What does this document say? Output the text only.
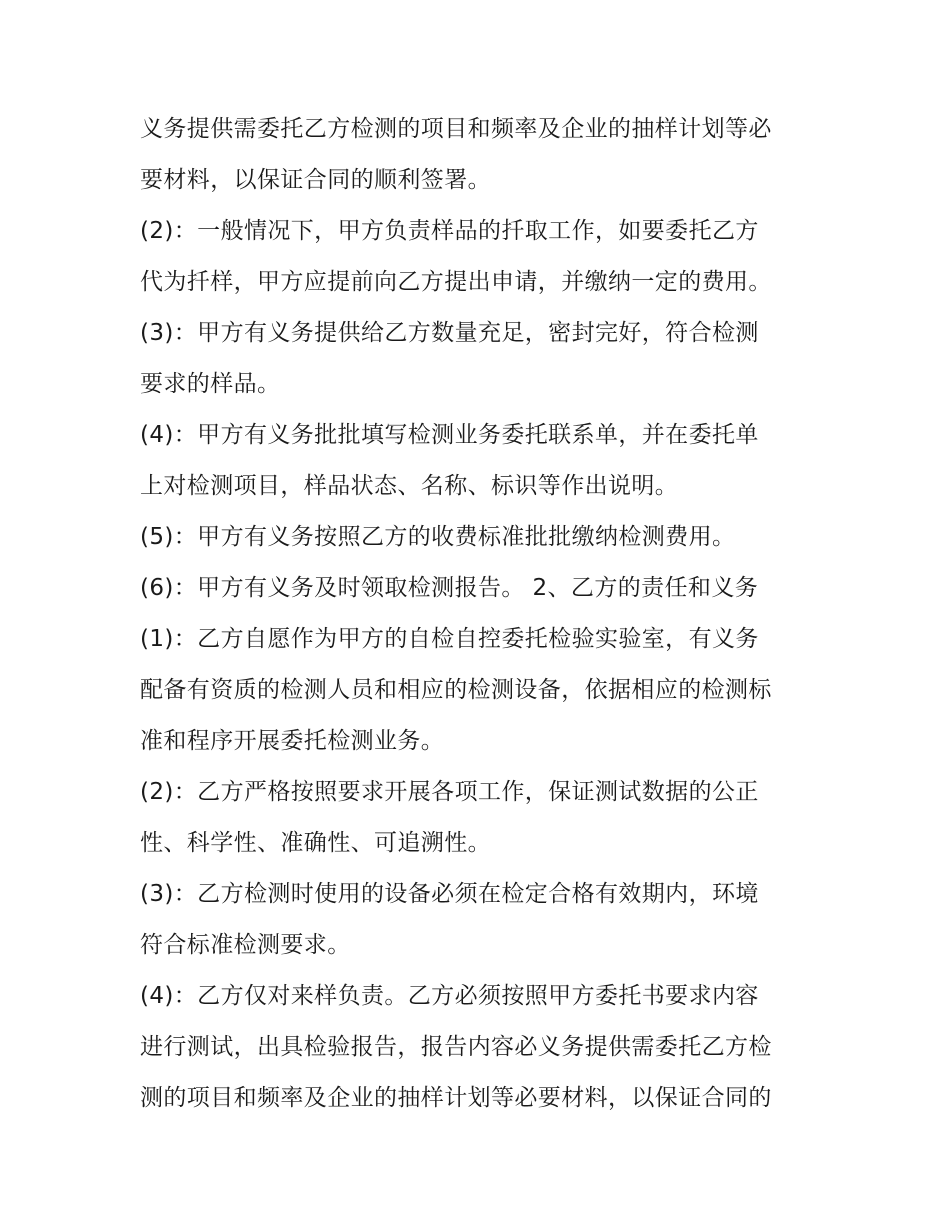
义务提供需委托乙方检测的项目和频率及企业的抽样计划等必
要材料，以保证合同的顺利签署。
(2)：一般情况下，甲方负责样品的扦取工作，如要委托乙方
代为扦样，甲方应提前向乙方提出申请，并缴纳一定的费用。
(3)：甲方有义务提供给乙方数量充足，密封完好，符合检测
要求的样品。
(4)：甲方有义务批批填写检测业务委托联系单，并在委托单
上对检测项目，样品状态、名称、标识等作出说明。
(5)：甲方有义务按照乙方的收费标准批批缴纳检测费用。
(6)：甲方有义务及时领取检测报告。 2、乙方的责任和义务
(1)：乙方自愿作为甲方的自检自控委托检验实验室，有义务
配备有资质的检测人员和相应的检测设备，依据相应的检测标
准和程序开展委托检测业务。
(2)：乙方严格按照要求开展各项工作，保证测试数据的公正
性、科学性、准确性、可追溯性。
(3)：乙方检测时使用的设备必须在检定合格有效期内，环境
符合标准检测要求。
(4)：乙方仅对来样负责。乙方必须按照甲方委托书要求内容
进行测试，出具检验报告，报告内容必义务提供需委托乙方检
测的项目和频率及企业的抽样计划等必要材料，以保证合同的
